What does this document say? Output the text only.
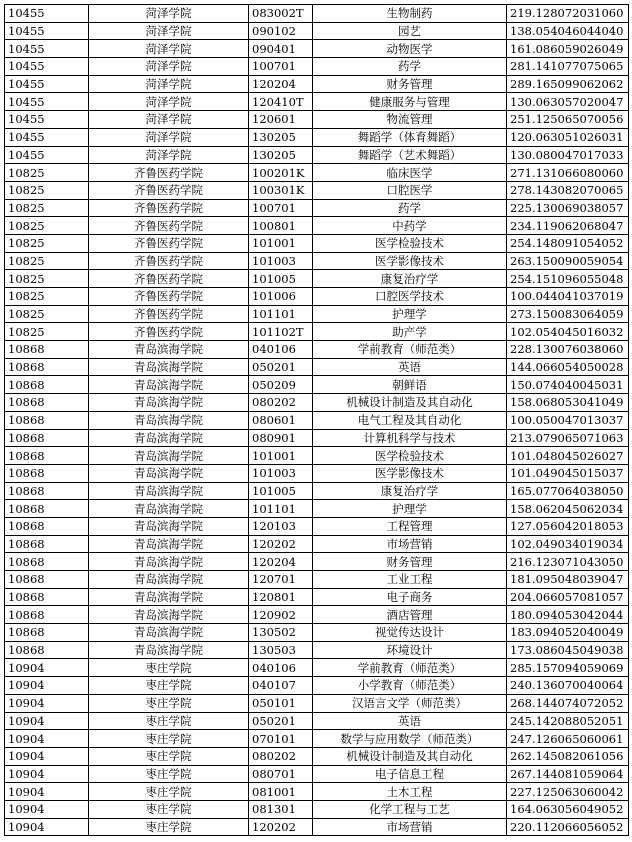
10455	菏泽学院	083002T	生物制药	219.128072031060
10455	菏泽学院	090102	园艺	138.054046044040
10455	菏泽学院	090401	动物医学	161.086059026049
10455	菏泽学院	100701	药学	281.141077075065
10455	菏泽学院	120204	财务管理	289.165099062062
10455	菏泽学院	120410T	健康服务与管理	130.063057020047
10455	菏泽学院	120601	物流管理	251.125065070056
10455	菏泽学院	130205	舞蹈学（体育舞蹈）	120.063051026031
10455	菏泽学院	130205	舞蹈学（艺术舞蹈）	130.080047017033
10825	齐鲁医药学院	100201K	临床医学	271.131066080060
10825	齐鲁医药学院	100301K	口腔医学	278.143082070065
10825	齐鲁医药学院	100701	药学	225.130069038057
10825	齐鲁医药学院	100801	中药学	234.119062068047
10825	齐鲁医药学院	101001	医学检验技术	254.148091054052
10825	齐鲁医药学院	101003	医学影像技术	263.150090059054
10825	齐鲁医药学院	101005	康复治疗学	254.151096055048
10825	齐鲁医药学院	101006	口腔医学技术	100.044041037019
10825	齐鲁医药学院	101101	护理学	273.150083064059
10825	齐鲁医药学院	101102T	助产学	102.054045016032
10868	青岛滨海学院	040106	学前教育（师范类）	228.130076038060
10868	青岛滨海学院	050201	英语	144.066054050028
10868	青岛滨海学院	050209	朝鲜语	150.074040045031
10868	青岛滨海学院	080202	机械设计制造及其自动化	158.068053041049
10868	青岛滨海学院	080601	电气工程及其自动化	100.050047013037
10868	青岛滨海学院	080901	计算机科学与技术	213.079065071063
10868	青岛滨海学院	101001	医学检验技术	101.048045026027
10868	青岛滨海学院	101003	医学影像技术	101.049045015037
10868	青岛滨海学院	101005	康复治疗学	165.077064038050
10868	青岛滨海学院	101101	护理学	158.062045062034
10868	青岛滨海学院	120103	工程管理	127.056042018053
10868	青岛滨海学院	120202	市场营销	102.049034019034
10868	青岛滨海学院	120204	财务管理	216.123071043050
10868	青岛滨海学院	120701	工业工程	181.095048039047
10868	青岛滨海学院	120801	电子商务	204.066057081057
10868	青岛滨海学院	120902	酒店管理	180.094053042044
10868	青岛滨海学院	130502	视觉传达设计	183.094052040049
10868	青岛滨海学院	130503	环境设计	173.086045049038
10904	枣庄学院	040106	学前教育（师范类）	285.157094059069
10904	枣庄学院	040107	小学教育（师范类）	240.136070040064
10904	枣庄学院	050101	汉语言文学（师范类）	268.144074072052
10904	枣庄学院	050201	英语	245.142088052051
10904	枣庄学院	070101	数学与应用数学（师范类）	247.126065060061
10904	枣庄学院	080202	机械设计制造及其自动化	262.145082061056
10904	枣庄学院	080701	电子信息工程	267.144081059064
10904	枣庄学院	081001	土木工程	227.125063060042
10904	枣庄学院	081301	化学工程与工艺	164.063056049052
10904	枣庄学院	120202	市场营销	220.112066056052
